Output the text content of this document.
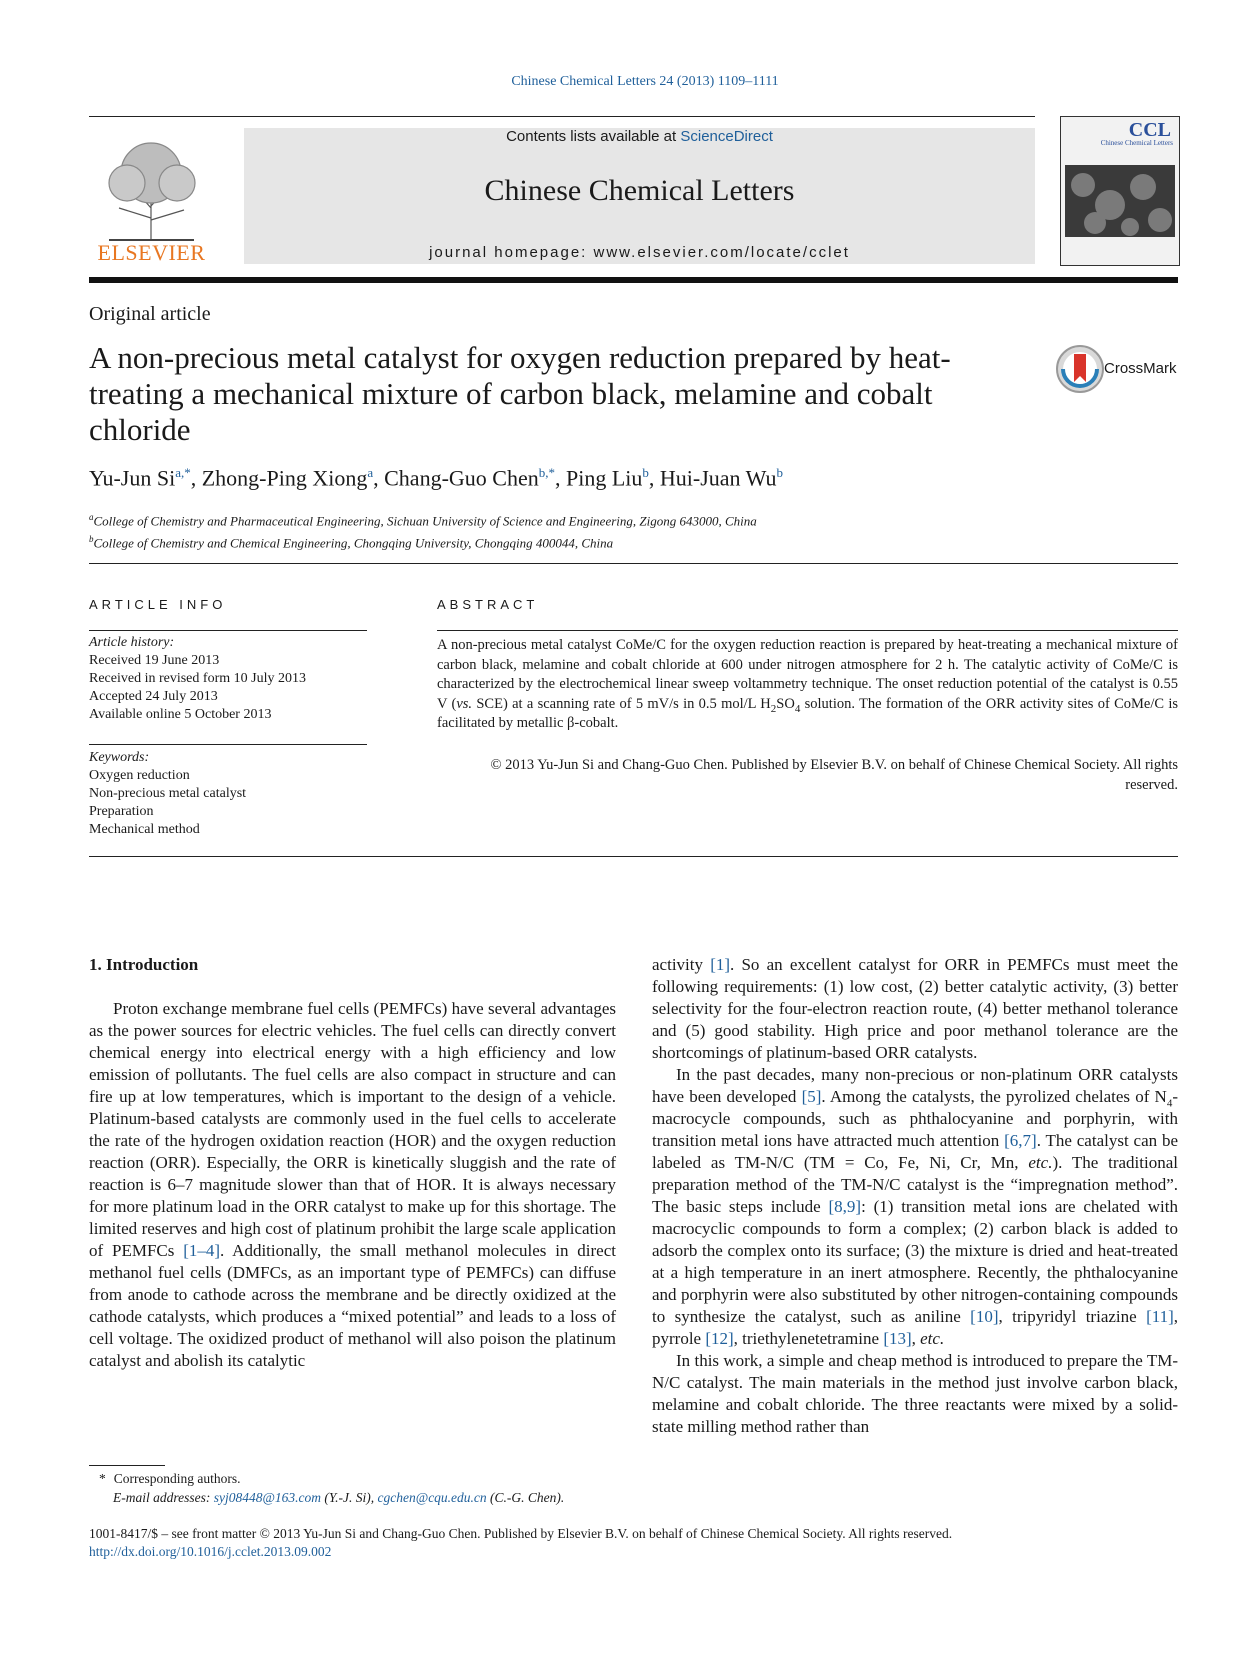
Chinese Chemical Letters 24 (2013) 1109–1111
ELSEVIER
Contents lists available at ScienceDirect
Chinese Chemical Letters
journal homepage: www.elsevier.com/locate/cclet
CCL
Chinese Chemical Letters
Original article
A non-precious metal catalyst for oxygen reduction prepared by heat-treating a mechanical mixture of carbon black, melamine and cobalt chloride
CrossMark
Yu-Jun $Si^{a,*}$, Zhong-Ping Xiong$^a$, Chang-Guo Chen$^{b,*}$, Ping Liu$^b$, Hui-Juan Wu$^b$
$^a$College of Chemistry and Pharmaceutical Engineering, Sichuan University of Science and Engineering, Zigong 643000, China
$^b$College of Chemistry and Chemical Engineering, Chongqing University, Chongqing 400044, China
ARTICLE INFO
Article history:
Received 19 June 2013
Received in revised form 10 July 2013
Accepted 24 July 2013
Available online 5 October 2013
Keywords:
Oxygen reduction
Non-precious metal catalyst
Preparation
Mechanical method
ABSTRACT
A non-precious metal catalyst CoMe/C for the oxygen reduction reaction is prepared by heat-treating a mechanical mixture of carbon black, melamine and cobalt chloride at 600 under nitrogen atmosphere for 2 h. The catalytic activity of CoMe/C is characterized by the electrochemical linear sweep voltammetry technique. The onset reduction potential of the catalyst is 0.55 V (vs. SCE) at a scanning rate of 5 mV/s in 0.5 mol/L $H_2SO_4$ solution. The formation of the ORR activity sites of CoMe/C is facilitated by metallic β-cobalt.
© 2013 Yu-Jun Si and Chang-Guo Chen. Published by Elsevier B.V. on behalf of Chinese Chemical Society. All rights reserved.
1. Introduction

Proton exchange membrane fuel cells (PEMFCs) have several advantages as the power sources for electric vehicles. The fuel cells can directly convert chemical energy into electrical energy with a high efficiency and low emission of pollutants. The fuel cells are also compact in structure and can fire up at low temperatures, which is important to the design of a vehicle. Platinum-based catalysts are commonly used in the fuel cells to accelerate the rate of the hydrogen oxidation reaction (HOR) and the oxygen reduction reaction (ORR). Especially, the ORR is kinetically sluggish and the rate of reaction is 6–7 magnitude slower than that of HOR. It is always necessary for more platinum load in the ORR catalyst to make up for this shortage. The limited reserves and high cost of platinum prohibit the large scale application of PEMFCs [1–4]. Additionally, the small methanol molecules in direct methanol fuel cells (DMFCs, as an important type of PEMFCs) can diffuse from anode to cathode across the membrane and be directly oxidized at the cathode catalysts, which produces a “mixed potential” and leads to a loss of cell voltage. The oxidized product of methanol will also poison the platinum catalyst and abolish its catalytic

activity [1]. So an excellent catalyst for ORR in PEMFCs must meet the following requirements: (1) low cost, (2) better catalytic activity, (3) better selectivity for the four-electron reaction route, (4) better methanol tolerance and (5) good stability. High price and poor methanol tolerance are the shortcomings of platinum-based ORR catalysts.

In the past decades, many non-precious or non-platinum ORR catalysts have been developed [5]. Among the catalysts, the pyrolized chelates of $N_4$-macrocycle compounds, such as phthalocyanine and porphyrin, with transition metal ions have attracted much attention [6,7]. The catalyst can be labeled as TM-N/C (TM = Co, Fe, Ni, Cr, Mn, etc.). The traditional preparation method of the TM-N/C catalyst is the “impregnation method”. The basic steps include [8,9]: (1) transition metal ions are chelated with macrocyclic compounds to form a complex; (2) carbon black is added to adsorb the complex onto its surface; (3) the mixture is dried and heat-treated at a high temperature in an inert atmosphere. Recently, the phthalocyanine and porphyrin were also substituted by other nitrogen-containing compounds to synthesize the catalyst, such as aniline [10], tripyridyl triazine [11], pyrrole [12], triethylenetetramine [13], etc.

In this work, a simple and cheap method is introduced to prepare the TM-N/C catalyst. The main materials in the method just involve carbon black, melamine and cobalt chloride. The three reactants were mixed by a solid-state milling method rather than

* Corresponding authors.
E-mail addresses: syj08448@163.com (Y.-J. Si), cgchen@cqu.edu.cn (C.-G. Chen).
1001-8417/$ – see front matter © 2013 Yu-Jun Si and Chang-Guo Chen. Published by Elsevier B.V. on behalf of Chinese Chemical Society. All rights reserved.
http://dx.doi.org/10.1016/j.cclet.2013.09.002
